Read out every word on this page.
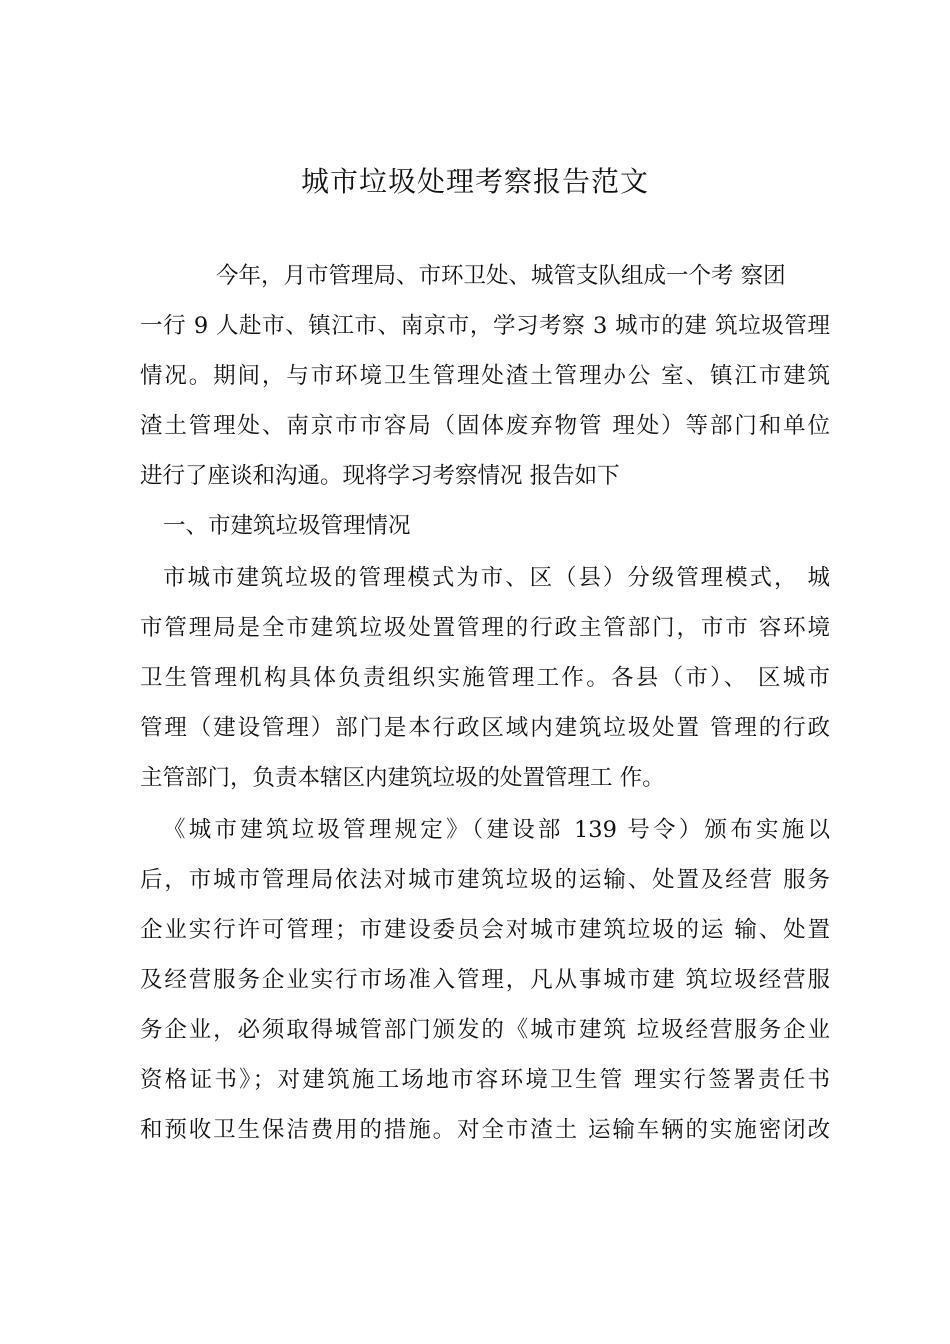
城市垃圾处理考察报告范文
今年，月市管理局、市环卫处、城管支队组成一个考 察团
一行 9 人赴市、镇江市、南京市，学习考察 3 城市的建 筑垃圾管理
情况。期间，与市环境卫生管理处渣土管理办公 室、镇江市建筑
渣土管理处、南京市市容局（固体废弃物管 理处）等部门和单位
进行了座谈和沟通。现将学习考察情况 报告如下
一、市建筑垃圾管理情况
市城市建筑垃圾的管理模式为市、区（县）分级管理模式， 城
市管理局是全市建筑垃圾处置管理的行政主管部门，市市 容环境
卫生管理机构具体负责组织实施管理工作。各县（市）、 区城市
管理（建设管理）部门是本行政区域内建筑垃圾处置 管理的行政
主管部门，负责本辖区内建筑垃圾的处置管理工 作。
《城市建筑垃圾管理规定》（建设部 139 号令）颁布实施以
后，市城市管理局依法对城市建筑垃圾的运输、处置及经营 服务
企业实行许可管理；市建设委员会对城市建筑垃圾的运 输、处置
及经营服务企业实行市场准入管理，凡从事城市建 筑垃圾经营服
务企业，必须取得城管部门颁发的《城市建筑 垃圾经营服务企业
资格证书》；对建筑施工场地市容环境卫生管 理实行签署责任书
和预收卫生保洁费用的措施。对全市渣土 运输车辆的实施密闭改
